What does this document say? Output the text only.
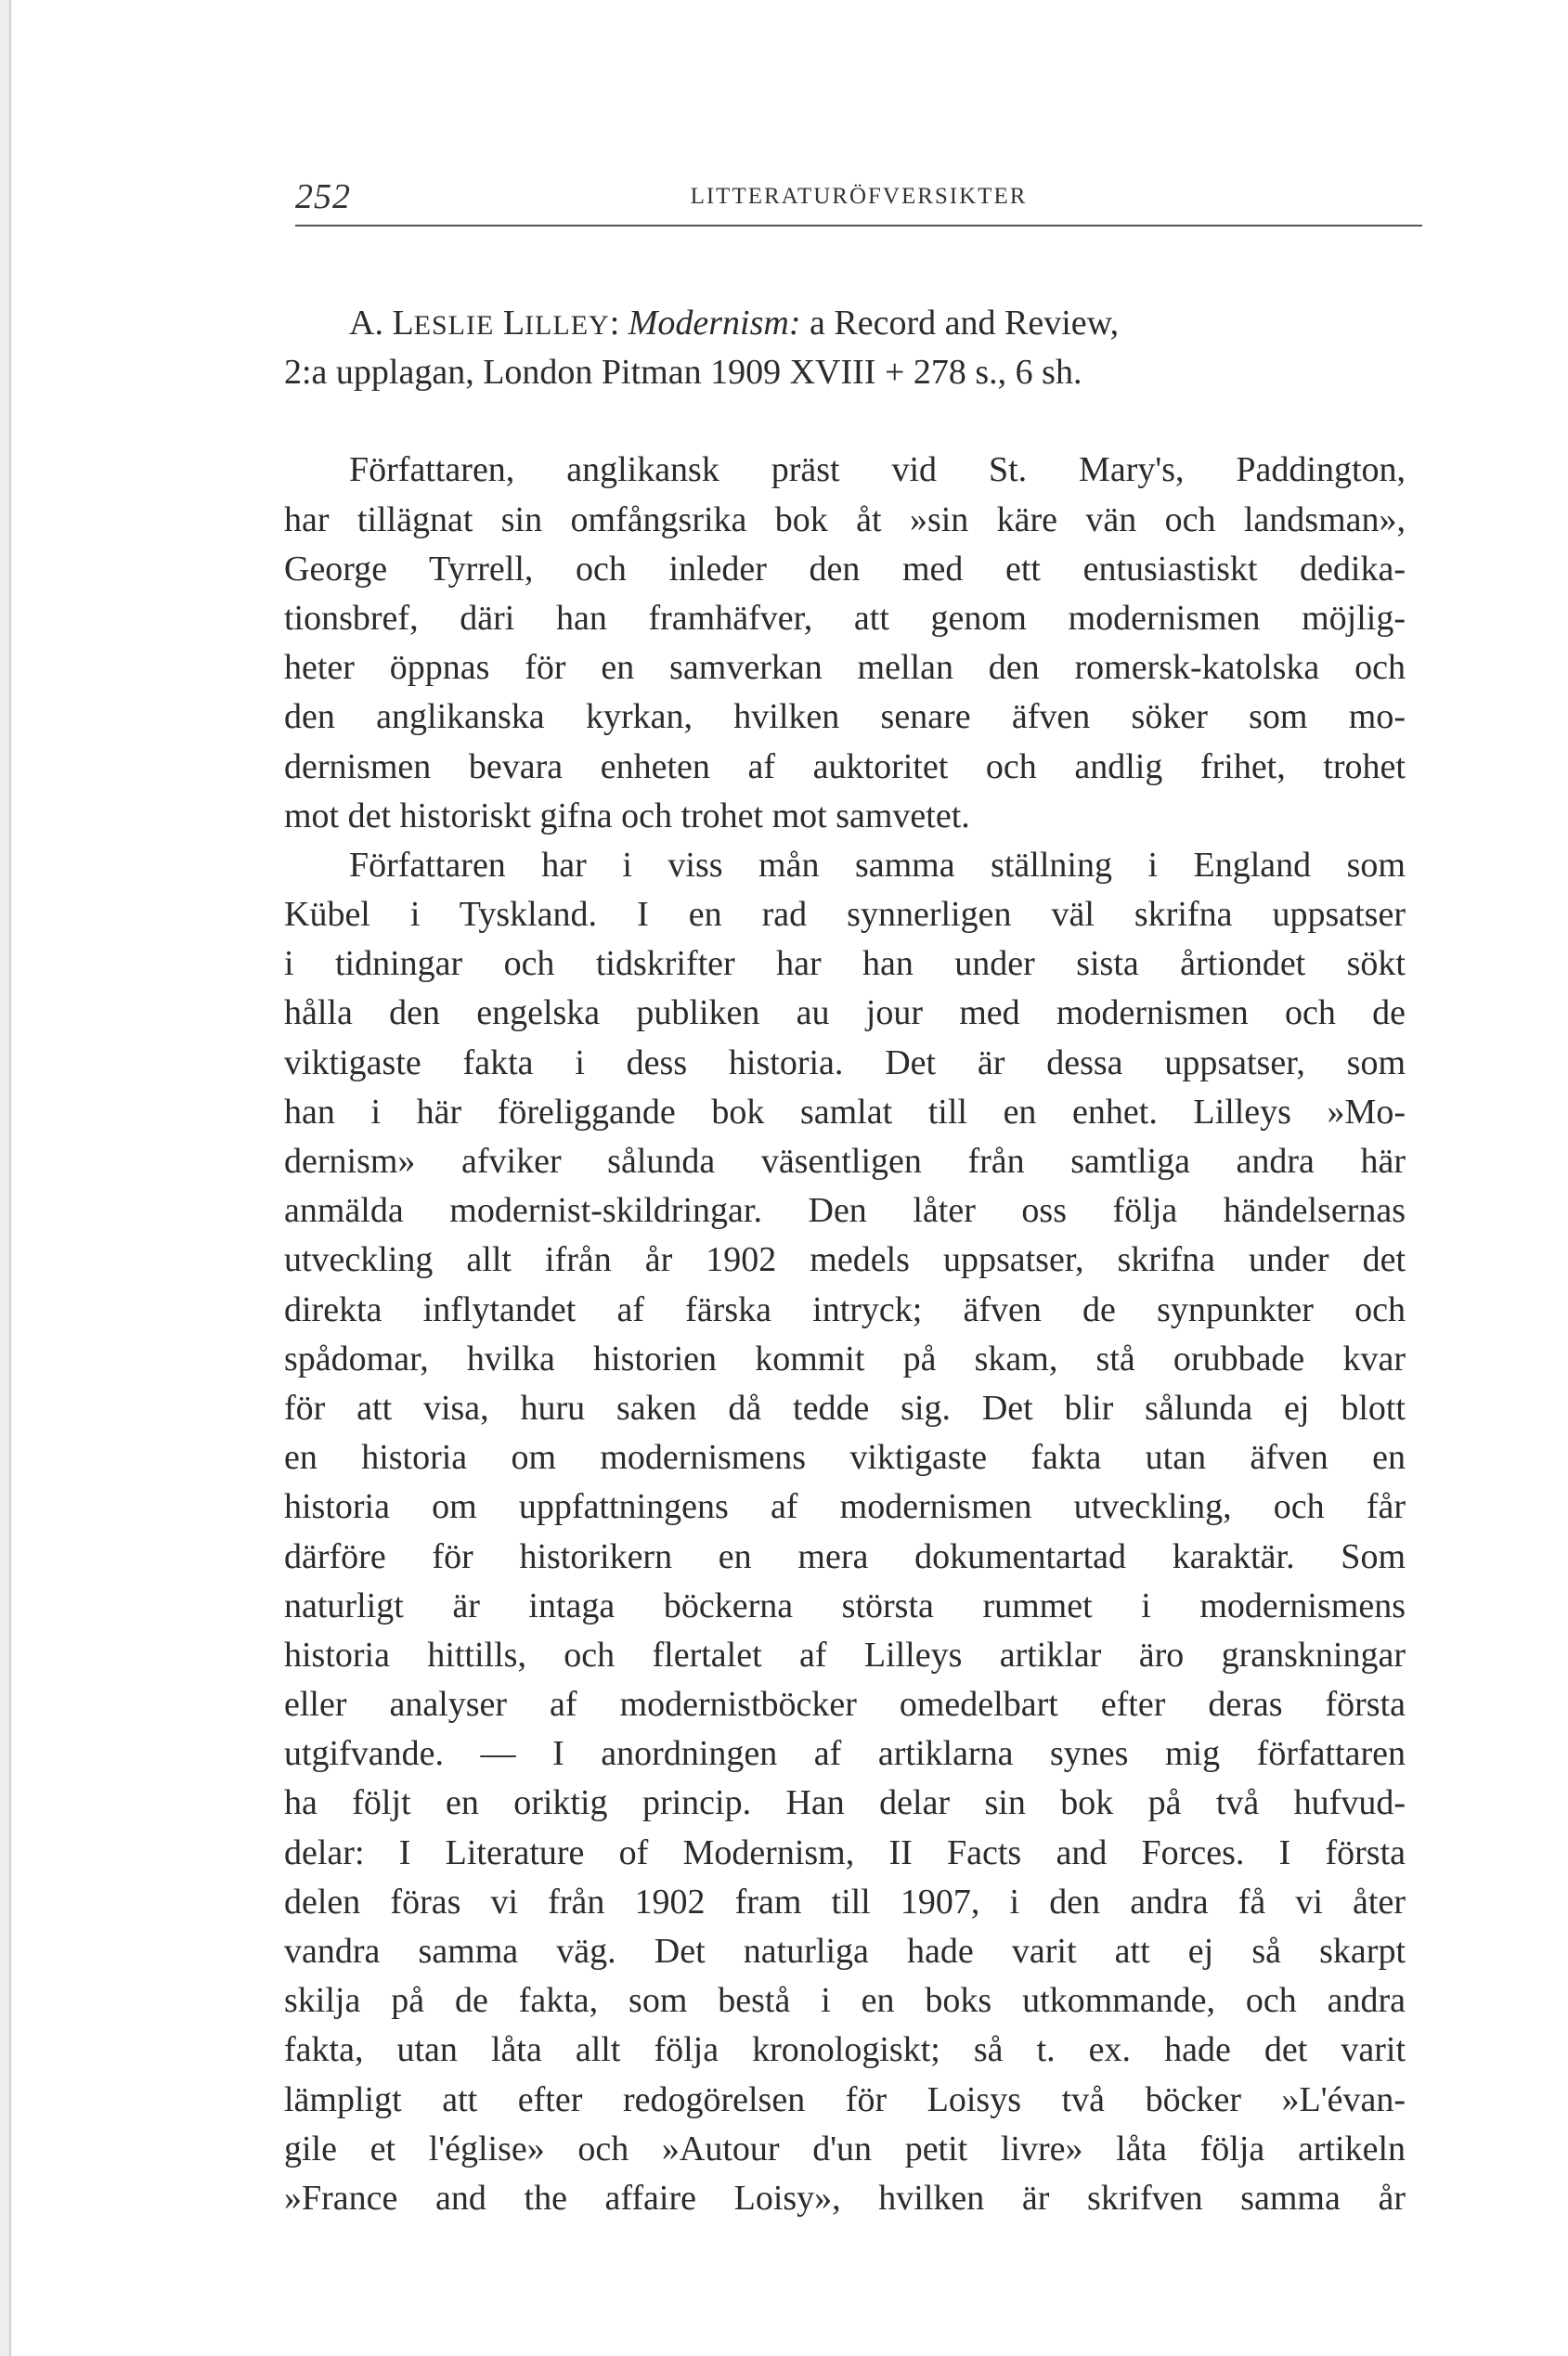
252	LITTERATURÖFVERSIKTER
A. LESLIE LILLEY: Modernism: a Record and Review,
2:a upplagan, London Pitman 1909 XVIII + 278 s., 6 sh.
Författaren, anglikansk präst vid St. Mary's, Paddington,
har tillägnat sin omfångsrika bok åt »sin käre vän och landsman»,
George Tyrrell, och inleder den med ett entusiastiskt dedika-
tionsbref, däri han framhäfver, att genom modernismen möjlig-
heter öppnas för en samverkan mellan den romersk-katolska och
den anglikanska kyrkan, hvilken senare äfven söker som mo-
dernismen bevara enheten af auktoritet och andlig frihet, trohet
mot det historiskt gifna och trohet mot samvetet.
Författaren har i viss mån samma ställning i England som
Kübel i Tyskland. I en rad synnerligen väl skrifna uppsatser
i tidningar och tidskrifter har han under sista årtiondet sökt
hålla den engelska publiken au jour med modernismen och de
viktigaste fakta i dess historia. Det är dessa uppsatser, som
han i här föreliggande bok samlat till en enhet. Lilleys »Mo-
dernism» afviker sålunda väsentligen från samtliga andra här
anmälda modernist-skildringar. Den låter oss följa händelsernas
utveckling allt ifrån år 1902 medels uppsatser, skrifna under det
direkta inflytandet af färska intryck; äfven de synpunkter och
spådomar, hvilka historien kommit på skam, stå orubbade kvar
för att visa, huru saken då tedde sig. Det blir sålunda ej blott
en historia om modernismens viktigaste fakta utan äfven en
historia om uppfattningens af modernismen utveckling, och får
därföre för historikern en mera dokumentartad karaktär. Som
naturligt är intaga böckerna största rummet i modernismens
historia hittills, och flertalet af Lilleys artiklar äro granskningar
eller analyser af modernistböcker omedelbart efter deras första
utgifvande. — I anordningen af artiklarna synes mig författaren
ha följt en oriktig princip. Han delar sin bok på två hufvud-
delar: I Literature of Modernism, II Facts and Forces. I första
delen föras vi från 1902 fram till 1907, i den andra få vi åter
vandra samma väg. Det naturliga hade varit att ej så skarpt
skilja på de fakta, som bestå i en boks utkommande, och andra
fakta, utan låta allt följa kronologiskt; så t. ex. hade det varit
lämpligt att efter redogörelsen för Loisys två böcker »L'évan-
gile et l'église» och »Autour d'un petit livre» låta följa artikeln
»France and the affaire Loisy», hvilken är skrifven samma år
